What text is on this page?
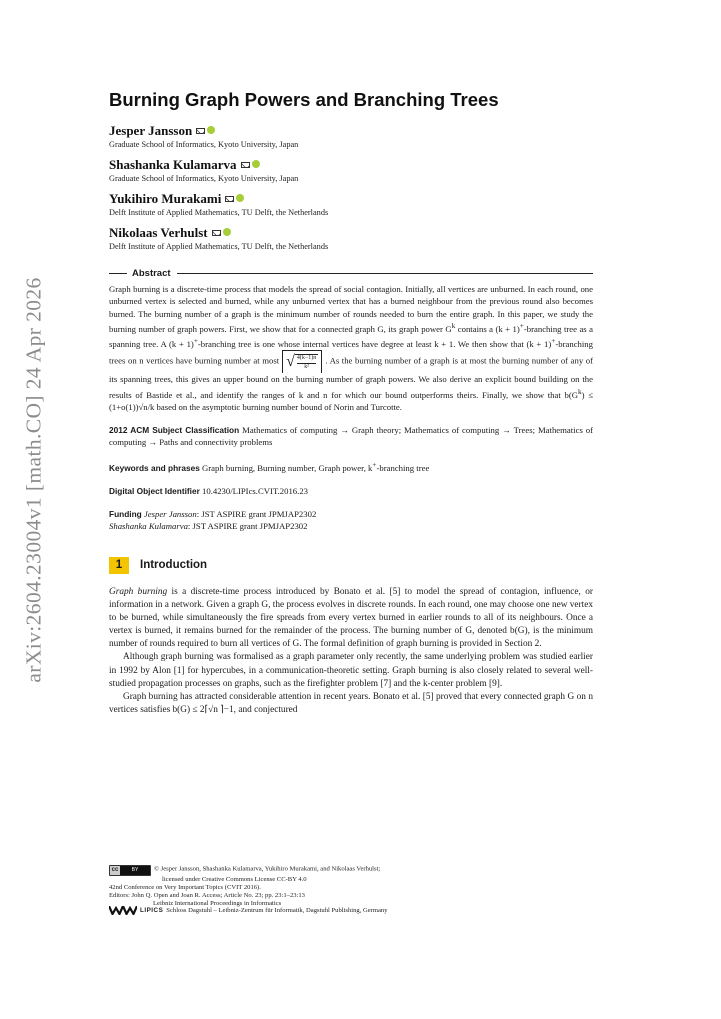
arXiv:2604.23004v1 [math.CO] 24 Apr 2026
Burning Graph Powers and Branching Trees
Jesper Jansson
Graduate School of Informatics, Kyoto University, Japan
Shashanka Kulamarva
Graduate School of Informatics, Kyoto University, Japan
Yukihiro Murakami
Delft Institute of Applied Mathematics, TU Delft, the Netherlands
Nikolaas Verhulst
Delft Institute of Applied Mathematics, TU Delft, the Netherlands
Abstract

Graph burning is a discrete-time process that models the spread of social contagion. Initially, all vertices are unburned. In each round, one unburned vertex is selected and burned, while any unburned vertex that has a burned neighbour from the previous round also becomes burned. The burning number of a graph is the minimum number of rounds needed to burn the entire graph. In this paper, we study the burning number of graph powers. First, we show that for a connected graph G, its graph power $G^k$ contains a (k + 1)+-branching tree as a spanning tree. A (k + 1)+-branching tree is one whose internal vertices have degree at least k + 1. We then show that (k + 1)+-branching trees on n vertices have burning number at most √ $\frac{4(k-1)n}{\text{k²}}$ . As the burning number of a graph is at most the burning number of any of its spanning trees, this gives an upper bound on the burning number of graph powers. We also derive an explicit bound building on the results of Bastide et al., and identify the ranges of k and n for which our bound outperforms theirs. Finally, we show that $b(G^k) \le (1+o(1))√n/k$ based on the asymptotic burning number bound of Norin and Turcotte.

2012 ACM Subject Classification Mathematics of computing → Graph theory; Mathematics of computing → Trees; Mathematics of computing → Paths and connectivity problems
Keywords and phrases Graph burning, Burning number, Graph power, k+-branching tree
Digital Object Identifier 10.4230/LIPIcs.CVIT.2016.23
Funding Jesper Jansson: JST ASPIRE grant JPMJAP2302
Shashanka Kulamarva: JST ASPIRE grant JPMJAP2302
1	Introduction

Graph burning is a discrete-time process introduced by Bonato et al. [5] to model the spread of contagion, influence, or information in a network. Given a graph G, the process evolves in discrete rounds. In each round, one may choose one new vertex to be burned, while simultaneously the fire spreads from every vertex burned in earlier rounds to all of its neighbours. Once a vertex is burned, it remains burned for the remainder of the process. The burning number of G, denoted b(G), is the minimum number of rounds required to burn all vertices of G. The formal definition of graph burning is provided in Section 2.

Although graph burning was formalised as a graph parameter only recently, the same underlying problem was studied earlier in 1992 by Alon [1] for hypercubes, in a communication-theoretic setting. Graph burning is also closely related to several well-studied propagation processes on graphs, such as the firefighter problem [7] and the k-center problem [9].

Graph burning has attracted considerable attention in recent years. Bonato et al. [5] proved that every connected graph G on n vertices satisfies b(G) ≤ 2⌈√n ⌉−1, and conjectured

cc	BY	© Jesper Jansson, Shashanka Kulamarva, Yukihiro Murakami, and Nikolaas Verhulst;
licensed under Creative Commons License CC-BY 4.0
42nd Conference on Very Important Topics (CVIT 2016).
Editors: John Q. Open and Joan R. Access; Article No. 23; pp. 23:1–23:13
Leibniz International Proceedings in Informatics
LIPICS Schloss Dagstuhl – Leibniz-Zentrum für Informatik, Dagstuhl Publishing, Germany
